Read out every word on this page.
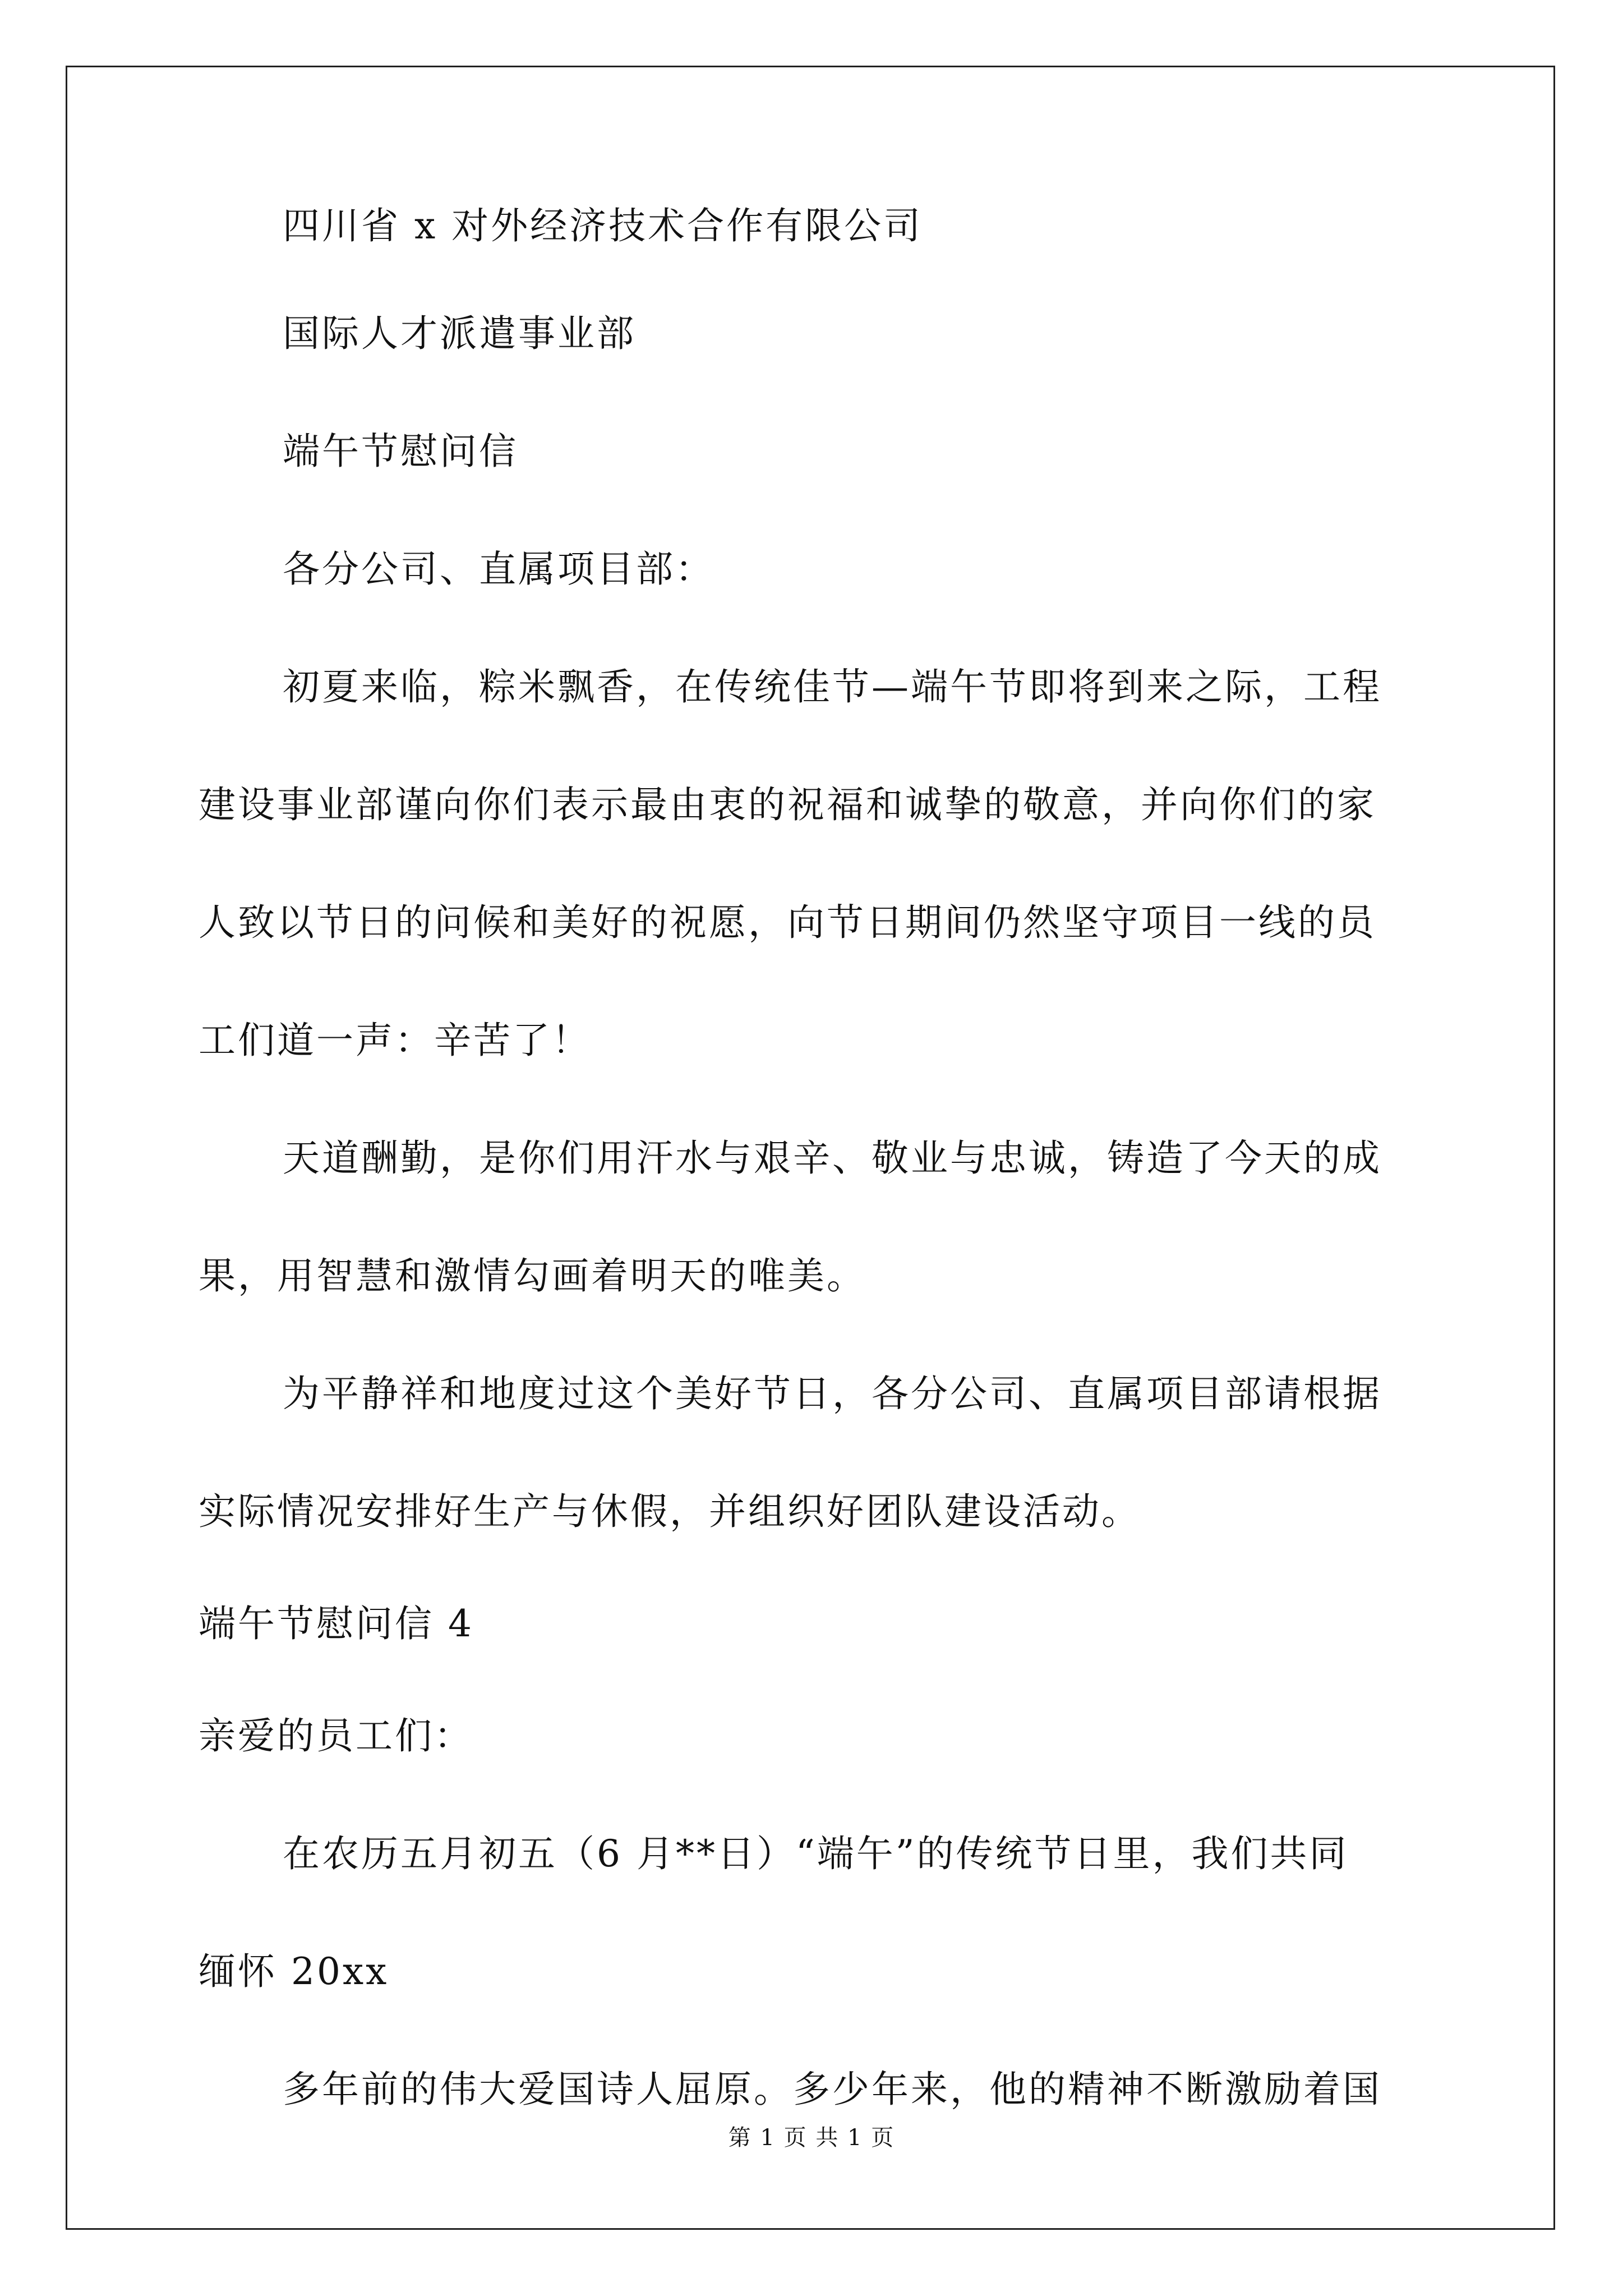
四川省 x 对外经济技术合作有限公司
国际人才派遣事业部
端午节慰问信
各分公司、直属项目部：
初夏来临，粽米飘香，在传统佳节—端午节即将到来之际，工程
建设事业部谨向你们表示最由衷的祝福和诚挚的敬意，并向你们的家
人致以节日的问候和美好的祝愿，向节日期间仍然坚守项目一线的员
工们道一声：辛苦了！
天道酬勤，是你们用汗水与艰辛、敬业与忠诚，铸造了今天的成
果，用智慧和激情勾画着明天的唯美。
为平静祥和地度过这个美好节日，各分公司、直属项目部请根据
实际情况安排好生产与休假，并组织好团队建设活动。
端午节慰问信 4
亲爱的员工们：
在农历五月初五（6 月**日）“端午”的传统节日里，我们共同
缅怀 20xx
多年前的伟大爱国诗人屈原。多少年来，他的精神不断激励着国
第 1 页 共 1 页
